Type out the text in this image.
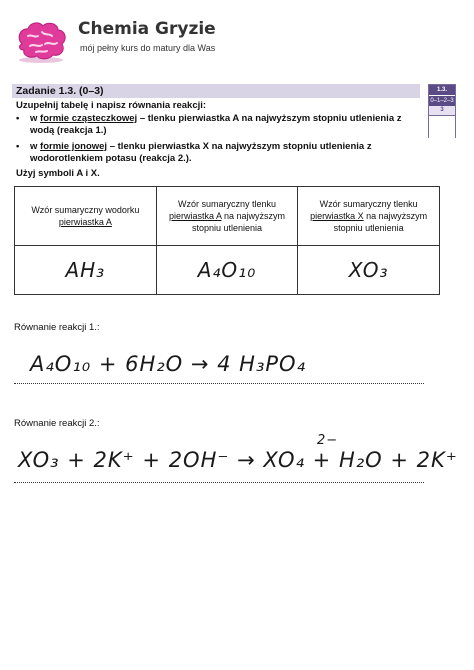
Chemia Gryzie
mój pełny kurs do matury dla Was
Zadanie 1.3. (0–3)	1.3.
0–1–2–3
3
Uzupełnij tabelę i napisz równania reakcji:
•	w formie cząsteczkowej – tlenku pierwiastka A na najwyższym stopniu utlenienia z wodą (reakcja 1.)
•	w formie jonowej – tlenku pierwiastka X na najwyższym stopniu utlenienia z wodorotlenkiem potasu (reakcja 2.).
Użyj symboli A i X.
Wzór sumaryczny wodorku pierwiastka A	Wzór sumaryczny tlenku pierwiastka A na najwyższym stopniu utlenienia	Wzór sumaryczny tlenku pierwiastka X na najwyższym stopniu utlenienia
AH₃	A₄O₁₀	XO₃
Równanie reakcji 1.:
A₄O₁₀ + 6H₂O → 4 H₃PO₄
Równanie reakcji 2.:
2−
XO₃ + 2K⁺ + 2OH⁻ → XO₄ + H₂O + 2K⁺
